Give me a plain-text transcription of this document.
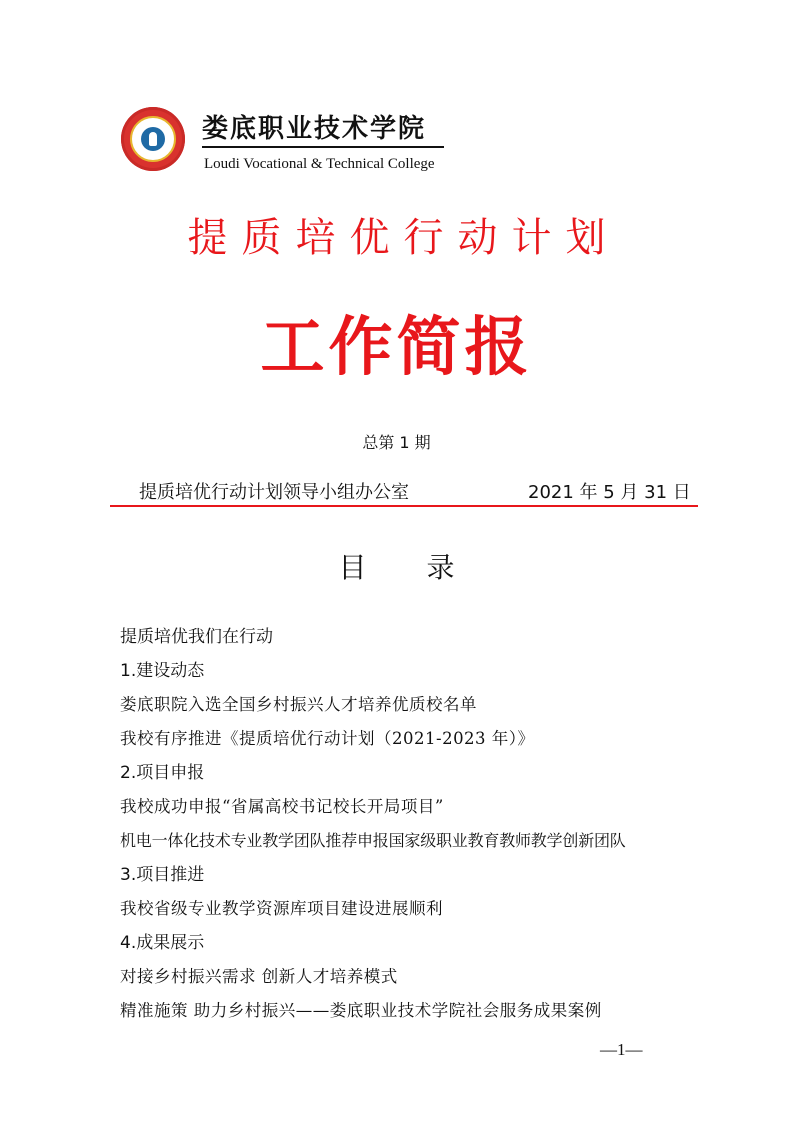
娄底职业技术学院
Loudi Vocational & Technical College
提质培优行动计划
工作简报
总第 1 期
提质培优行动计划领导小组办公室	2021 年 5 月 31 日
目录
提质培优我们在行动
1.建设动态
娄底职院入选全国乡村振兴人才培养优质校名单
我校有序推进《提质培优行动计划（2021-2023 年）》
2.项目申报
我校成功申报“省属高校书记校长开局项目”
机电一体化技术专业教学团队推荐申报国家级职业教育教师教学创新团队
3.项目推进
我校省级专业教学资源库项目建设进展顺利
4.成果展示
对接乡村振兴需求 创新人才培养模式
精准施策 助力乡村振兴——娄底职业技术学院社会服务成果案例
—1—
